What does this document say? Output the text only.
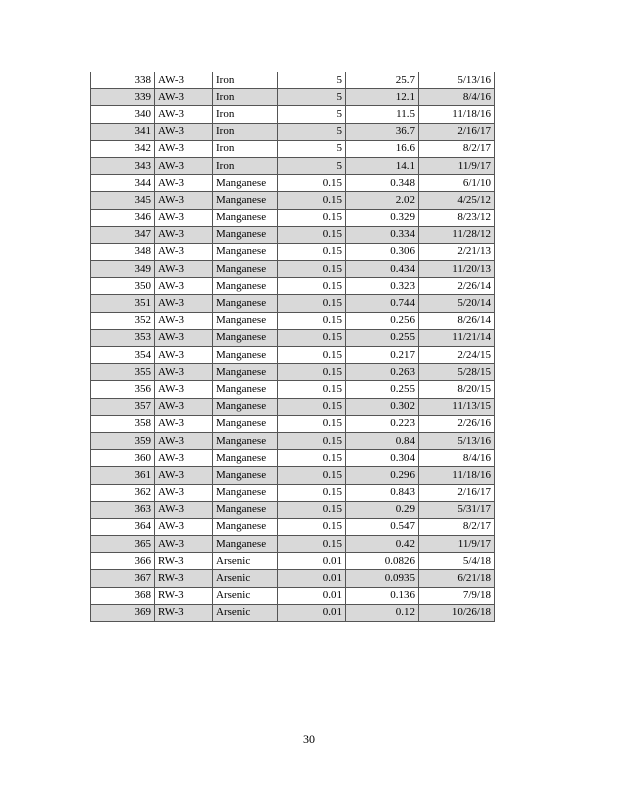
338	AW-3	Iron	5	25.7	5/13/16
339	AW-3	Iron	5	12.1	8/4/16
340	AW-3	Iron	5	11.5	11/18/16
341	AW-3	Iron	5	36.7	2/16/17
342	AW-3	Iron	5	16.6	8/2/17
343	AW-3	Iron	5	14.1	11/9/17
344	AW-3	Manganese	0.15	0.348	6/1/10
345	AW-3	Manganese	0.15	2.02	4/25/12
346	AW-3	Manganese	0.15	0.329	8/23/12
347	AW-3	Manganese	0.15	0.334	11/28/12
348	AW-3	Manganese	0.15	0.306	2/21/13
349	AW-3	Manganese	0.15	0.434	11/20/13
350	AW-3	Manganese	0.15	0.323	2/26/14
351	AW-3	Manganese	0.15	0.744	5/20/14
352	AW-3	Manganese	0.15	0.256	8/26/14
353	AW-3	Manganese	0.15	0.255	11/21/14
354	AW-3	Manganese	0.15	0.217	2/24/15
355	AW-3	Manganese	0.15	0.263	5/28/15
356	AW-3	Manganese	0.15	0.255	8/20/15
357	AW-3	Manganese	0.15	0.302	11/13/15
358	AW-3	Manganese	0.15	0.223	2/26/16
359	AW-3	Manganese	0.15	0.84	5/13/16
360	AW-3	Manganese	0.15	0.304	8/4/16
361	AW-3	Manganese	0.15	0.296	11/18/16
362	AW-3	Manganese	0.15	0.843	2/16/17
363	AW-3	Manganese	0.15	0.29	5/31/17
364	AW-3	Manganese	0.15	0.547	8/2/17
365	AW-3	Manganese	0.15	0.42	11/9/17
366	RW-3	Arsenic	0.01	0.0826	5/4/18
367	RW-3	Arsenic	0.01	0.0935	6/21/18
368	RW-3	Arsenic	0.01	0.136	7/9/18
369	RW-3	Arsenic	0.01	0.12	10/26/18
30
